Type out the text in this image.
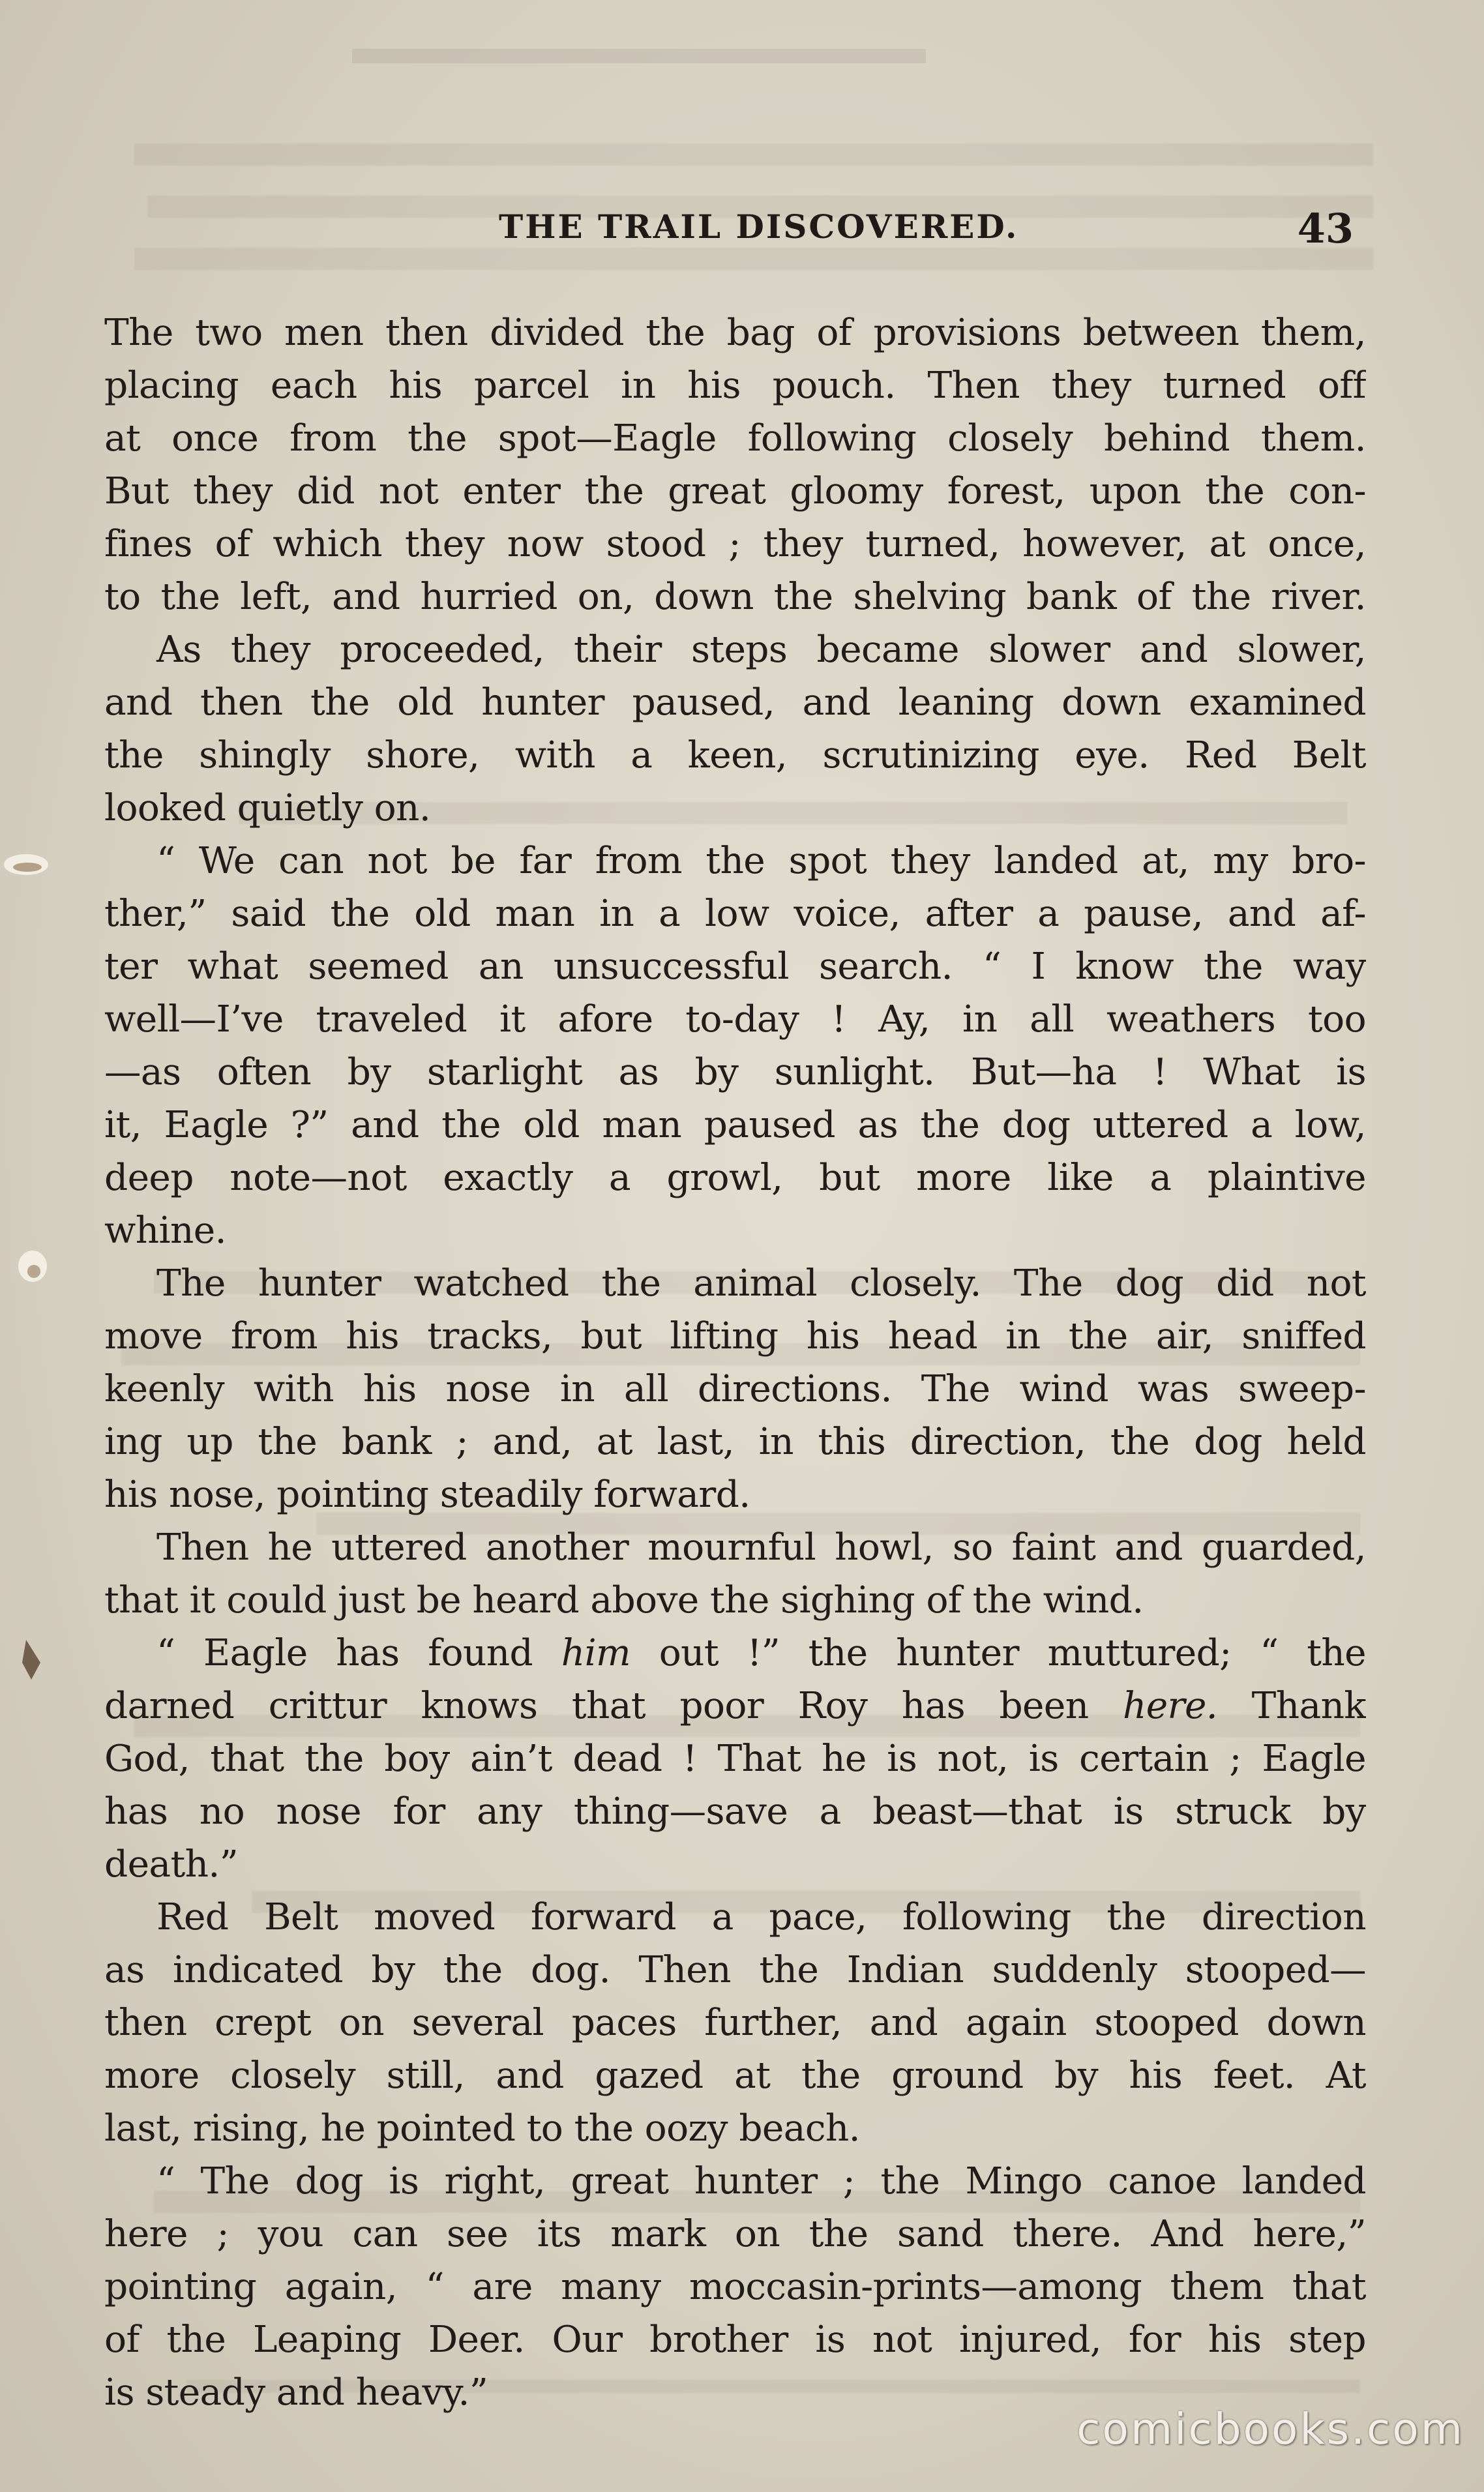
THE TRAIL DISCOVERED.	43
The two men then divided the bag of provisions between them,
placing each his parcel in his pouch. Then they turned off
at once from the spot—Eagle following closely behind them.
But they did not enter the great gloomy forest, upon the con-
fines of which they now stood ; they turned, however, at once,
to the left, and hurried on, down the shelving bank of the river.
As they proceeded, their steps became slower and slower,
and then the old hunter paused, and leaning down examined
the shingly shore, with a keen, scrutinizing eye. Red Belt
looked quietly on.
“ We can not be far from the spot they landed at, my bro-
ther,” said the old man in a low voice, after a pause, and af-
ter what seemed an unsuccessful search. “ I know the way
well—I’ve traveled it afore to-day ! Ay, in all weathers too
—as often by starlight as by sunlight. But—ha ! What is
it, Eagle ?” and the old man paused as the dog uttered a low,
deep note—not exactly a growl, but more like a plaintive
whine.
The hunter watched the animal closely. The dog did not
move from his tracks, but lifting his head in the air, sniffed
keenly with his nose in all directions. The wind was sweep-
ing up the bank ; and, at last, in this direction, the dog held
his nose, pointing steadily forward.
Then he uttered another mournful howl, so faint and guarded,
that it could just be heard above the sighing of the wind.
“ Eagle has found him out !” the hunter muttured; “ the
darned crittur knows that poor Roy has been here. Thank
God, that the boy ain’t dead ! That he is not, is certain ; Eagle
has no nose for any thing—save a beast—that is struck by
death.”
Red Belt moved forward a pace, following the direction
as indicated by the dog. Then the Indian suddenly stooped—
then crept on several paces further, and again stooped down
more closely still, and gazed at the ground by his feet. At
last, rising, he pointed to the oozy beach.
“ The dog is right, great hunter ; the Mingo canoe landed
here ; you can see its mark on the sand there. And here,”
pointing again, “ are many moccasin-prints—among them that
of the Leaping Deer. Our brother is not injured, for his step
is steady and heavy.”
comicbooks.com
